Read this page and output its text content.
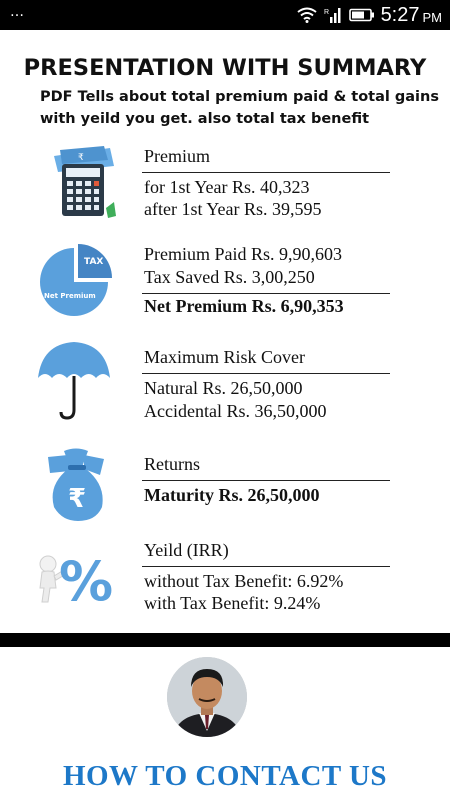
…	R	5:27 PM
PRESENTATION WITH SUMMARY
PDF Tells about total premium paid & total gains with yeild you get. also total tax benefit
₹	Premium
for 1st Year Rs. 40,323
after 1st Year Rs. 39,595
TAX
Net Premium
Premium Paid Rs. 9,90,603
Tax Saved Rs. 3,00,250
Net Premium Rs. 6,90,353
Maximum Risk Cover
Natural Rs. 26,50,000
Accidental Rs. 36,50,000
₹
Returns
Maturity Rs. 26,50,000
% Yeild (IRR)
without Tax Benefit: 6.92%
with Tax Benefit: 9.24%
HOW TO CONTACT US
